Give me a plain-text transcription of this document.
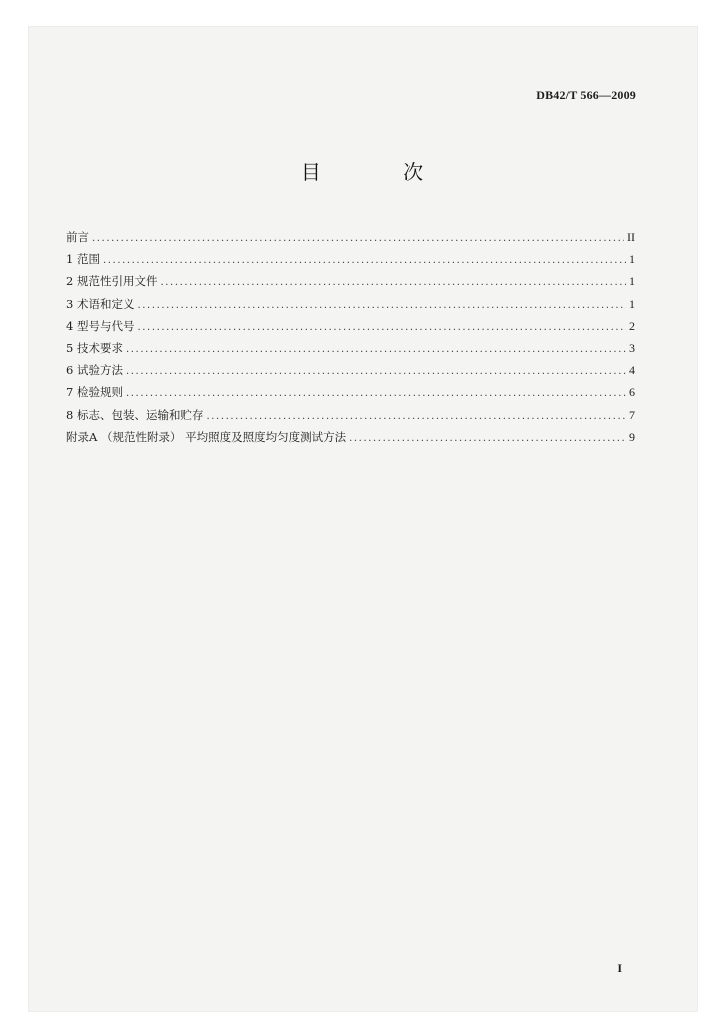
DB42/T 566—2009
目 次
前言 .....	II
1 范围 .....	1
2 规范性引用文件 .....	1
3 术语和定义 .....	1
4 型号与代号 .....	2
5 技术要求 .....	3
6 试验方法 .....	4
7 检验规则 .....	6
8 标志、包装、运输和贮存 .....	7
附录A （规范性附录） 平均照度及照度均匀度测试方法 .....	9
I
